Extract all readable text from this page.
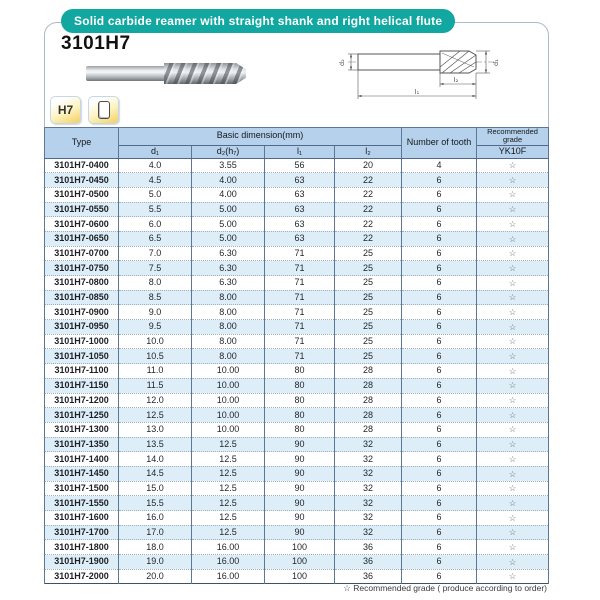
Solid carbide reamer with straight shank and right helical flute
3101H7
d₂	d₁
l₂
l₁
H7
Type	Basic dimension(mm)				Number of tooth	Recommended grade
	d₁	d₂(h₇)	l₁	l₂		YK10F
3101H7-0400	4.0	3.55	56	20	4	☆
3101H7-0450	4.5	4.00	63	22	6	☆
3101H7-0500	5.0	4.00	63	22	6	☆
3101H7-0550	5.5	5.00	63	22	6	☆
3101H7-0600	6.0	5.00	63	22	6	☆
3101H7-0650	6.5	5.00	63	22	6	☆
3101H7-0700	7.0	6.30	71	25	6	☆
3101H7-0750	7.5	6.30	71	25	6	☆
3101H7-0800	8.0	6.30	71	25	6	☆
3101H7-0850	8.5	8.00	71	25	6	☆
3101H7-0900	9.0	8.00	71	25	6	☆
3101H7-0950	9.5	8.00	71	25	6	☆
3101H7-1000	10.0	8.00	71	25	6	☆
3101H7-1050	10.5	8.00	71	25	6	☆
3101H7-1100	11.0	10.00	80	28	6	☆
3101H7-1150	11.5	10.00	80	28	6	☆
3101H7-1200	12.0	10.00	80	28	6	☆
3101H7-1250	12.5	10.00	80	28	6	☆
3101H7-1300	13.0	10.00	80	28	6	☆
3101H7-1350	13.5	12.5	90	32	6	☆
3101H7-1400	14.0	12.5	90	32	6	☆
3101H7-1450	14.5	12.5	90	32	6	☆
3101H7-1500	15.0	12.5	90	32	6	☆
3101H7-1550	15.5	12.5	90	32	6	☆
3101H7-1600	16.0	12.5	90	32	6	☆
3101H7-1700	17.0	12.5	90	32	6	☆
3101H7-1800	18.0	16.00	100	36	6	☆
3101H7-1900	19.0	16.00	100	36	6	☆
3101H7-2000	20.0	16.00	100	36	6	☆
☆ Recommended grade ( produce according to order)
